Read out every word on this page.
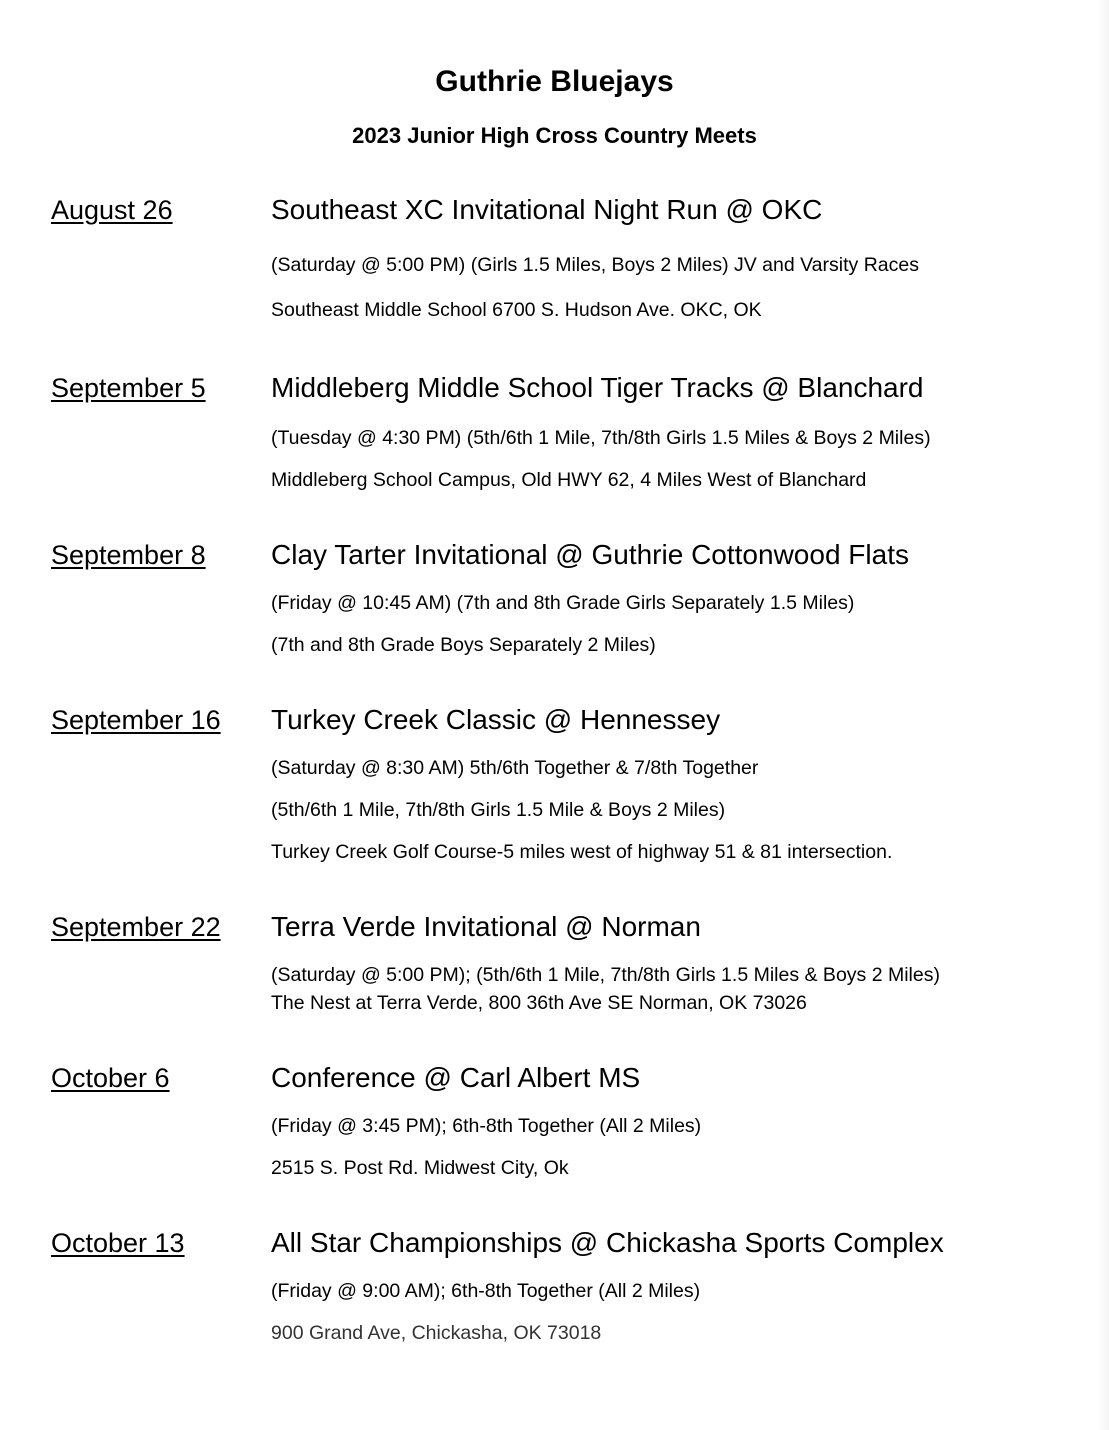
Guthrie Bluejays
2023 Junior High Cross Country Meets
August 26	Southeast XC Invitational Night Run @ OKC
(Saturday @ 5:00 PM) (Girls 1.5 Miles, Boys 2 Miles) JV and Varsity Races
Southeast Middle School 6700 S. Hudson Ave. OKC, OK
September 5 Middleberg Middle School Tiger Tracks @ Blanchard
(Tuesday @ 4:30 PM) (5th/6th 1 Mile, 7th/8th Girls 1.5 Miles & Boys 2 Miles)
Middleberg School Campus, Old HWY 62, 4 Miles West of Blanchard
September 8 Clay Tarter Invitational @ Guthrie Cottonwood Flats
(Friday @ 10:45 AM) (7th and 8th Grade Girls Separately 1.5 Miles)
(7th and 8th Grade Boys Separately 2 Miles)
September 16 Turkey Creek Classic @ Hennessey
(Saturday @ 8:30 AM) 5th/6th Together & 7/8th Together
(5th/6th 1 Mile, 7th/8th Girls 1.5 Mile & Boys 2 Miles)
Turkey Creek Golf Course-5 miles west of highway 51 & 81 intersection.
September 22 Terra Verde Invitational @ Norman
(Saturday @ 5:00 PM); (5th/6th 1 Mile, 7th/8th Girls 1.5 Miles & Boys 2 Miles)
The Nest at Terra Verde, 800 36th Ave SE Norman, OK 73026
October 6	Conference @ Carl Albert MS
(Friday @ 3:45 PM); 6th-8th Together (All 2 Miles)
2515 S. Post Rd. Midwest City, Ok
October 13	All Star Championships @ Chickasha Sports Complex
(Friday @ 9:00 AM); 6th-8th Together (All 2 Miles)
900 Grand Ave, Chickasha, OK 73018
